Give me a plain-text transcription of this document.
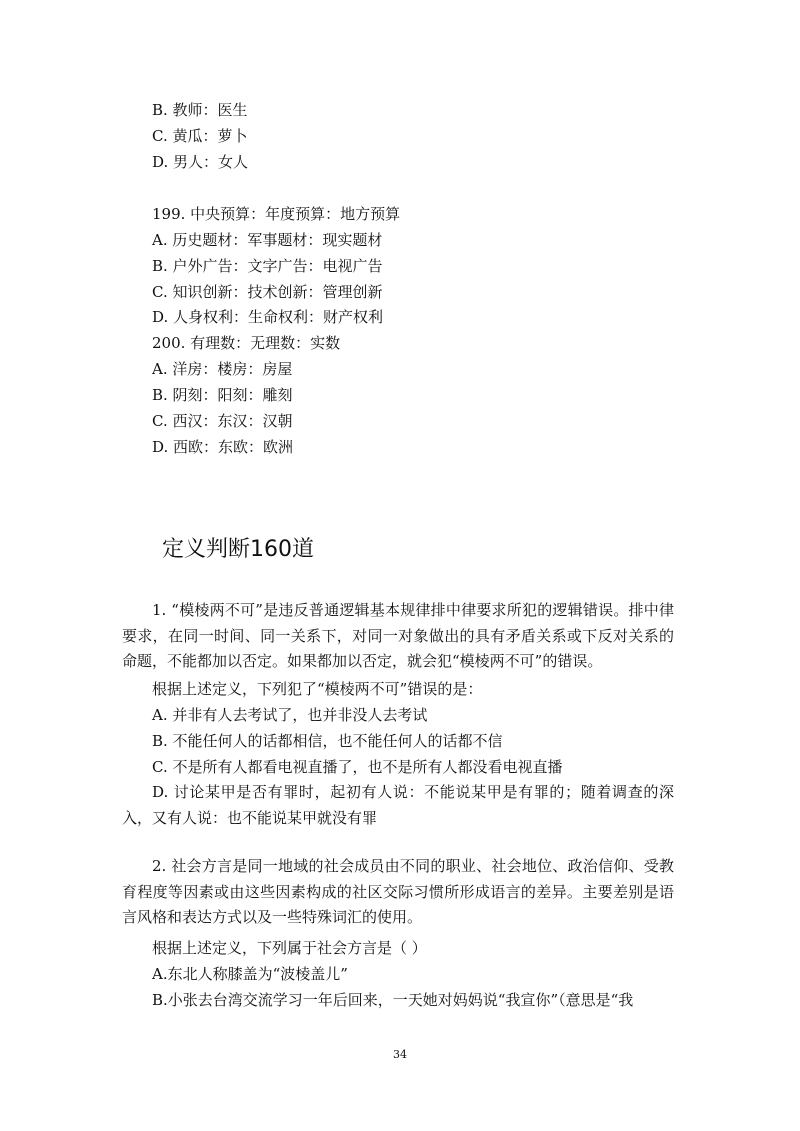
B. 教师：医生
C. 黄瓜：萝卜
D. 男人：女人
199. 中央预算：年度预算：地方预算
A. 历史题材：军事题材：现实题材
B. 户外广告：文字广告：电视广告
C. 知识创新：技术创新：管理创新
D. 人身权利：生命权利：财产权利
200. 有理数：无理数：实数
A. 洋房：楼房：房屋
B. 阴刻：阳刻：雕刻
C. 西汉：东汉：汉朝
D. 西欧：东欧：欧洲
定义判断160道
1. “模棱两不可”是违反普通逻辑基本规律排中律要求所犯的逻辑错误。排中律要求，在同一时间、同一关系下，对同一对象做出的具有矛盾关系或下反对关系的命题，不能都加以否定。如果都加以否定，就会犯“模棱两不可”的错误。
根据上述定义，下列犯了“模棱两不可”错误的是：
A. 并非有人去考试了，也并非没人去考试
B. 不能任何人的话都相信，也不能任何人的话都不信
C. 不是所有人都看电视直播了，也不是所有人都没看电视直播
D. 讨论某甲是否有罪时，起初有人说：不能说某甲是有罪的；随着调查的深入，又有人说：也不能说某甲就没有罪
2. 社会方言是同一地域的社会成员由不同的职业、社会地位、政治信仰、受教育程度等因素或由这些因素构成的社区交际习惯所形成语言的差异。主要差别是语言风格和表达方式以及一些特殊词汇的使用。
根据上述定义，下列属于社会方言是（ ）
A.东北人称膝盖为“波棱盖儿”
B.小张去台湾交流学习一年后回来，一天她对妈妈说“我宣你”（意思是“我
34
